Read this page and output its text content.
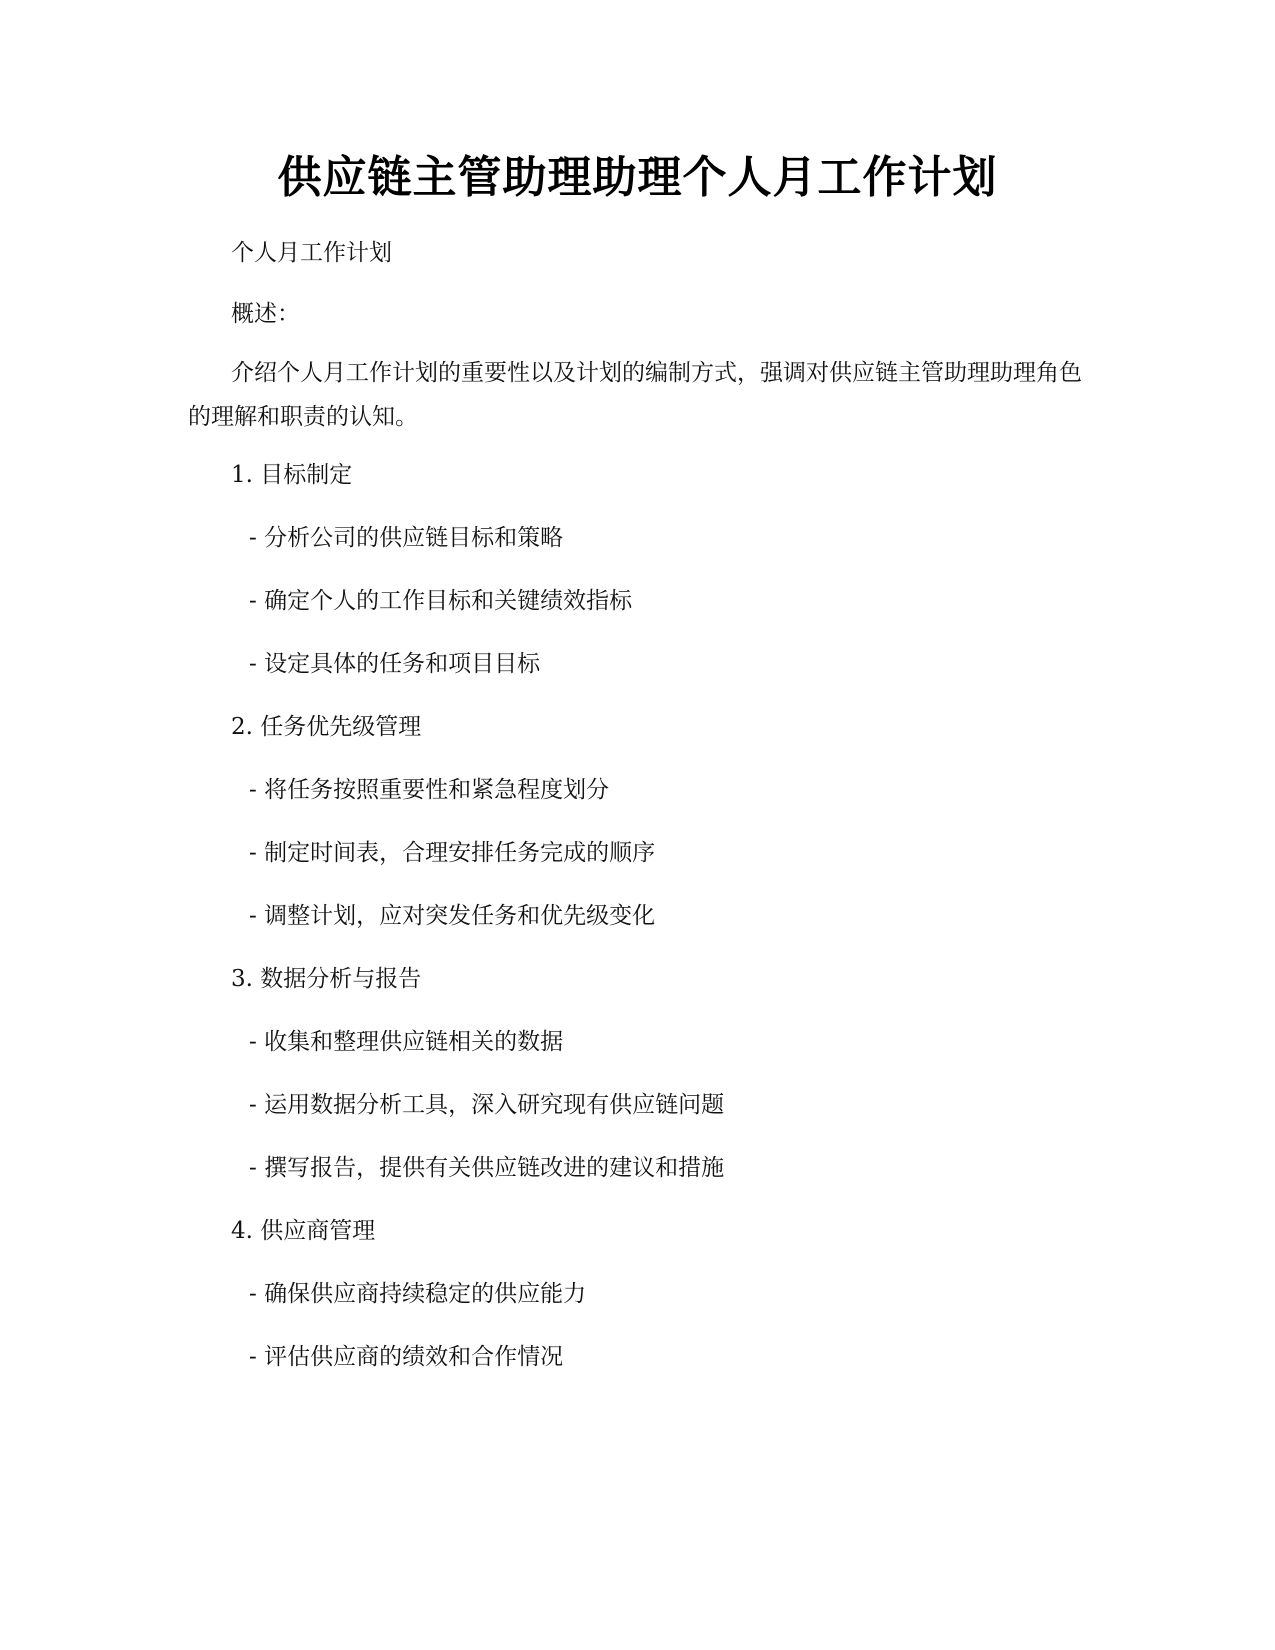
供应链主管助理助理个人月工作计划

个人月工作计划

概述：

介绍个人月工作计划的重要性以及计划的编制方式，强调对供应链主管助理助理角色的理解和职责的认知。

1. 目标制定

- 分析公司的供应链目标和策略

- 确定个人的工作目标和关键绩效指标

- 设定具体的任务和项目目标

2. 任务优先级管理

- 将任务按照重要性和紧急程度划分

- 制定时间表，合理安排任务完成的顺序

- 调整计划，应对突发任务和优先级变化

3. 数据分析与报告

- 收集和整理供应链相关的数据

- 运用数据分析工具，深入研究现有供应链问题

- 撰写报告，提供有关供应链改进的建议和措施

4. 供应商管理

- 确保供应商持续稳定的供应能力

- 评估供应商的绩效和合作情况
